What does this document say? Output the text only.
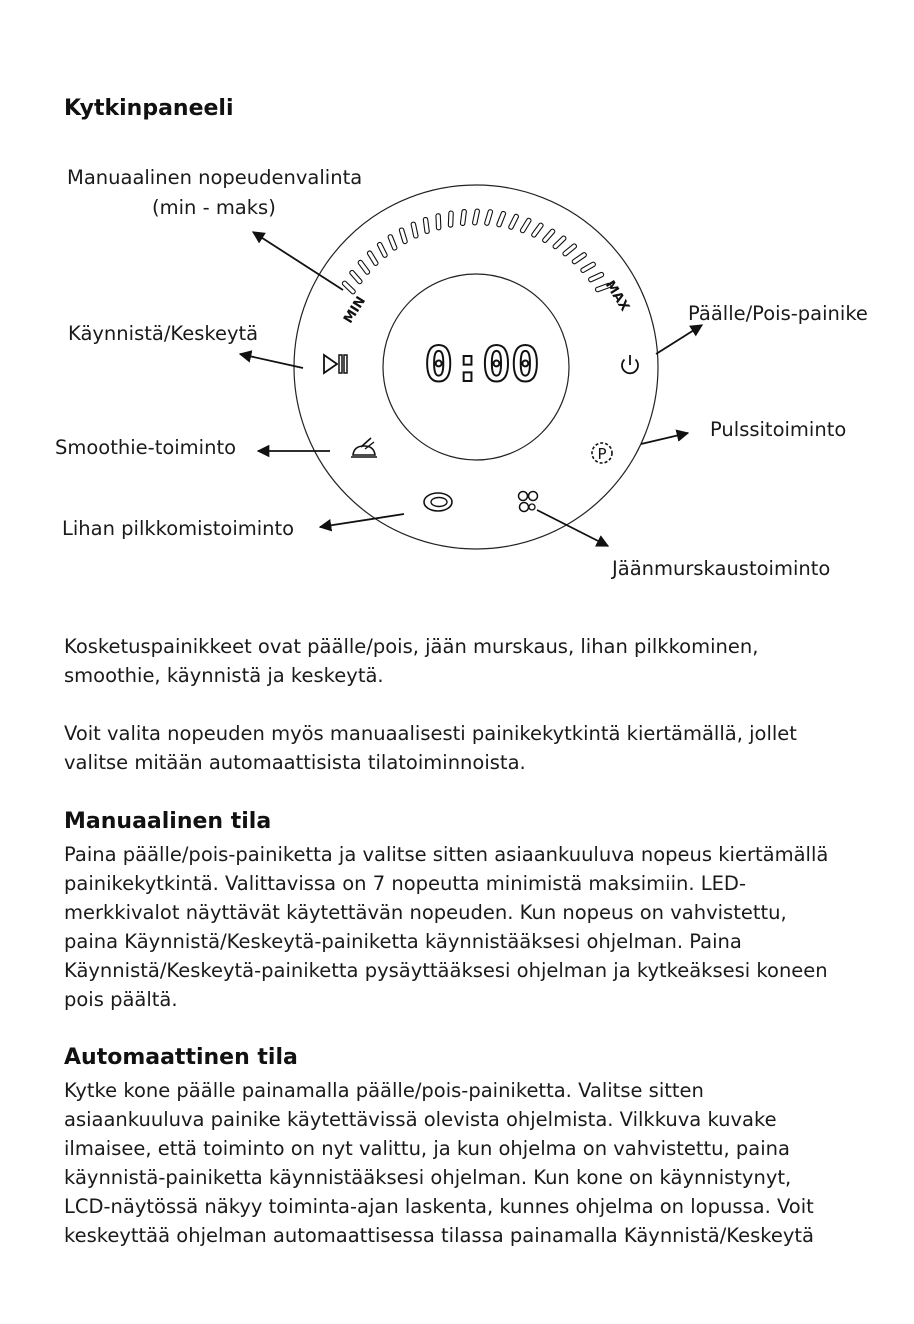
Kytkinpaneeli
MIN	MAX
0:00
P
Manuaalinen nopeudenvalinta
(min - maks)
Käynnistä/Keskeytä
Smoothie-toiminto
Lihan pilkkomistoiminto
Päälle/Pois-painike
Pulssitoiminto
Jäänmurskaustoiminto
Kosketuspainikkeet ovat päälle/pois, jään murskaus, lihan pilkkominen,
smoothie, käynnistä ja keskeytä.
Voit valita nopeuden myös manuaalisesti painikekytkintä kiertämällä, jollet
valitse mitään automaattisista tilatoiminnoista.
Manuaalinen tila
Paina päälle/pois-painiketta ja valitse sitten asiaankuuluva nopeus kiertämällä
painikekytkintä. Valittavissa on 7 nopeutta minimistä maksimiin. LED-
merkkivalot näyttävät käytettävän nopeuden. Kun nopeus on vahvistettu,
paina Käynnistä/Keskeytä-painiketta käynnistääksesi ohjelman. Paina
Käynnistä/Keskeytä-painiketta pysäyttääksesi ohjelman ja kytkeäksesi koneen
pois päältä.
Automaattinen tila
Kytke kone päälle painamalla päälle/pois-painiketta. Valitse sitten
asiaankuuluva painike käytettävissä olevista ohjelmista. Vilkkuva kuvake
ilmaisee, että toiminto on nyt valittu, ja kun ohjelma on vahvistettu, paina
käynnistä-painiketta käynnistääksesi ohjelman. Kun kone on käynnistynyt,
LCD-näytössä näkyy toiminta-ajan laskenta, kunnes ohjelma on lopussa. Voit
keskeyttää ohjelman automaattisessa tilassa painamalla Käynnistä/Keskeytä
